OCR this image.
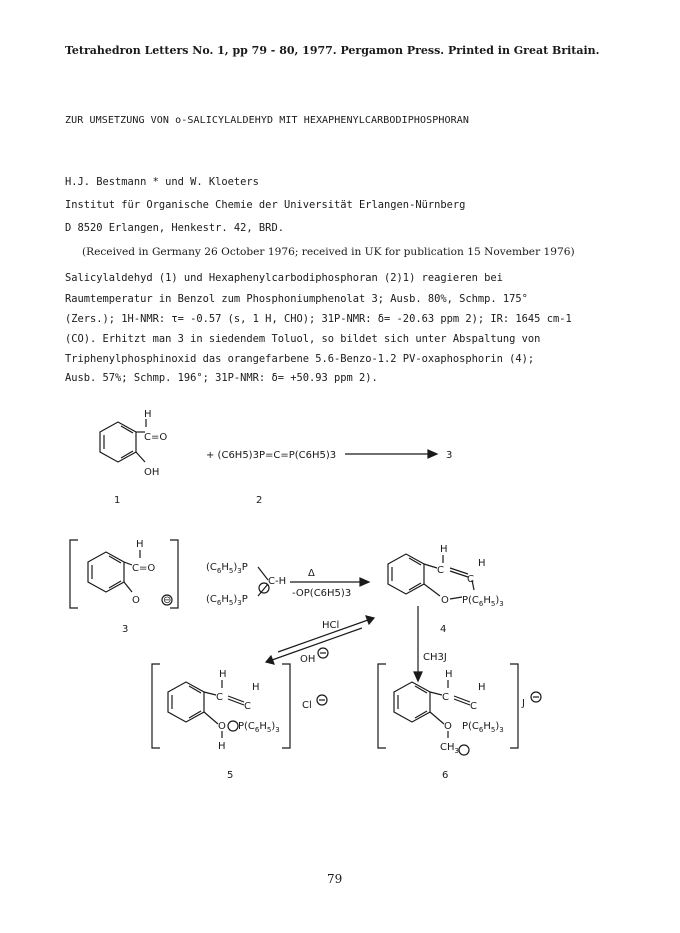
Tetrahedron Letters No. 1, pp 79 - 80, 1977. Pergamon Press. Printed in Great Britain.
ZUR UMSETZUNG VON o-SALICYLALDEHYD MIT HEXAPHENYLCARBODIPHOSPHORAN
H.J. Bestmann * und W. Kloeters
Institut für Organische Chemie der Universität Erlangen-Nürnberg
D 8520 Erlangen, Henkestr. 42, BRD.
(Received in Germany 26 October 1976; received in UK for publication 15 November 1976)
Salicylaldehyd (1) und Hexaphenylcarbodiphosphoran (2)1) reagieren bei
Raumtemperatur in Benzol zum Phosphoniumphenolat 3; Ausb. 80%, Schmp. 175°
(Zers.); 1H-NMR: τ= -0.57 (s, 1 H, CHO); 31P-NMR: δ= -20.63 ppm 2); IR: 1645 cm-1
(CO). Erhitzt man 3 in siedendem Toluol, so bildet sich unter Abspaltung von
Triphenylphosphinoxid das orangefarbene 5.6-Benzo-1.2 PV-oxaphosphorin (4);
Ausb. 57%; Schmp. 196°; 31P-NMR: δ= +50.93 ppm 2).
H
C=O
OH
1
+ (C6H5)3P=C=P(C6H5)3	3
2
H
C=O
O ⊖
3
$(C_6H_5)_3P$
$(C_6H_5)_3P$
C-H
Δ
-OP(C6H5)3
H
C
C
H
O $P(C_6H_5)_3$
4
HCl
OH	CH3J
H
C
C
H
O $P(C_6H_5)_3$
H
Cl
5
H
C
C
H
O $P(C_6H_5)_3$
$CH_3$
J
6
79
